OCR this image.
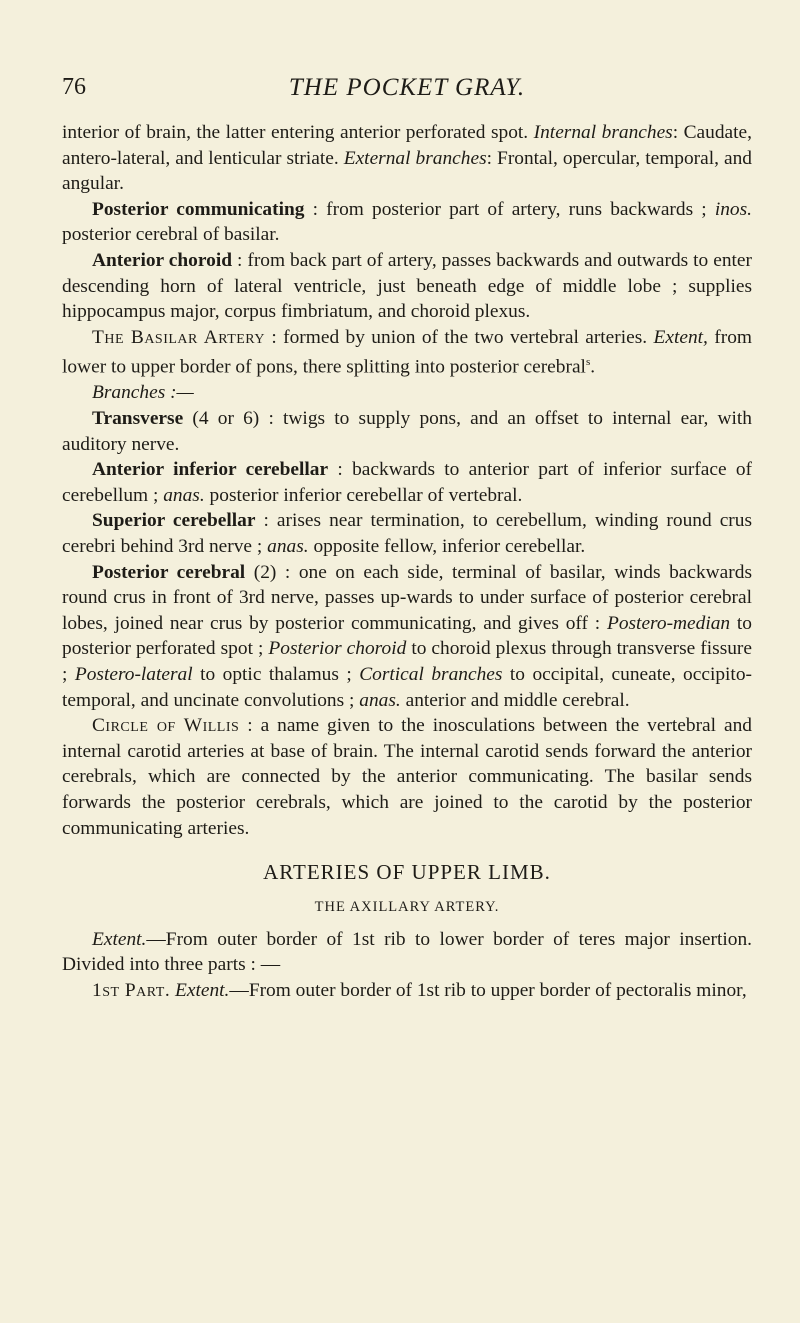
76	THE POCKET GRAY.

interior of brain, the latter entering anterior perforated spot. Internal branches: Caudate, antero-lateral, and lenticular striate. External branches: Frontal, opercular, temporal, and angular.

Posterior communicating : from posterior part of artery, runs backwards ; inos. posterior cerebral of basilar.

Anterior choroid : from back part of artery, passes backwards and outwards to enter descending horn of lateral ventricle, just beneath edge of middle lobe ; supplies hippocampus major, corpus fimbriatum, and choroid plexus.

The Basilar Artery : formed by union of the two vertebral arteries. Extent, from lower to upper border of pons, there splitting into posterior cerebral$^s$.

Branches :—

Transverse (4 or 6) : twigs to supply pons, and an offset to internal ear, with auditory nerve.

Anterior inferior cerebellar : backwards to anterior part of inferior surface of cerebellum ; anas. posterior inferior cerebellar of vertebral.

Superior cerebellar : arises near termination, to cerebellum, winding round crus cerebri behind 3rd nerve ; anas. opposite fellow, inferior cerebellar.

Posterior cerebral (2) : one on each side, terminal of basilar, winds backwards round crus in front of 3rd nerve, passes up-wards to under surface of posterior cerebral lobes, joined near crus by posterior communicating, and gives off : Postero-median to posterior perforated spot ; Posterior choroid to choroid plexus through transverse fissure ; Postero-lateral to optic thalamus ; Cortical branches to occipital, cuneate, occipito-temporal, and uncinate convolutions ; anas. anterior and middle cerebral.

Circle of Willis : a name given to the inosculations between the vertebral and internal carotid arteries at base of brain. The internal carotid sends forward the anterior cerebrals, which are connected by the anterior communicating. The basilar sends forwards the posterior cerebrals, which are joined to the carotid by the posterior communicating arteries.

ARTERIES OF UPPER LIMB.

THE AXILLARY ARTERY.

Extent.—From outer border of 1st rib to lower border of teres major insertion. Divided into three parts : —

1st Part. Extent.—From outer border of 1st rib to upper border of pectoralis minor,
